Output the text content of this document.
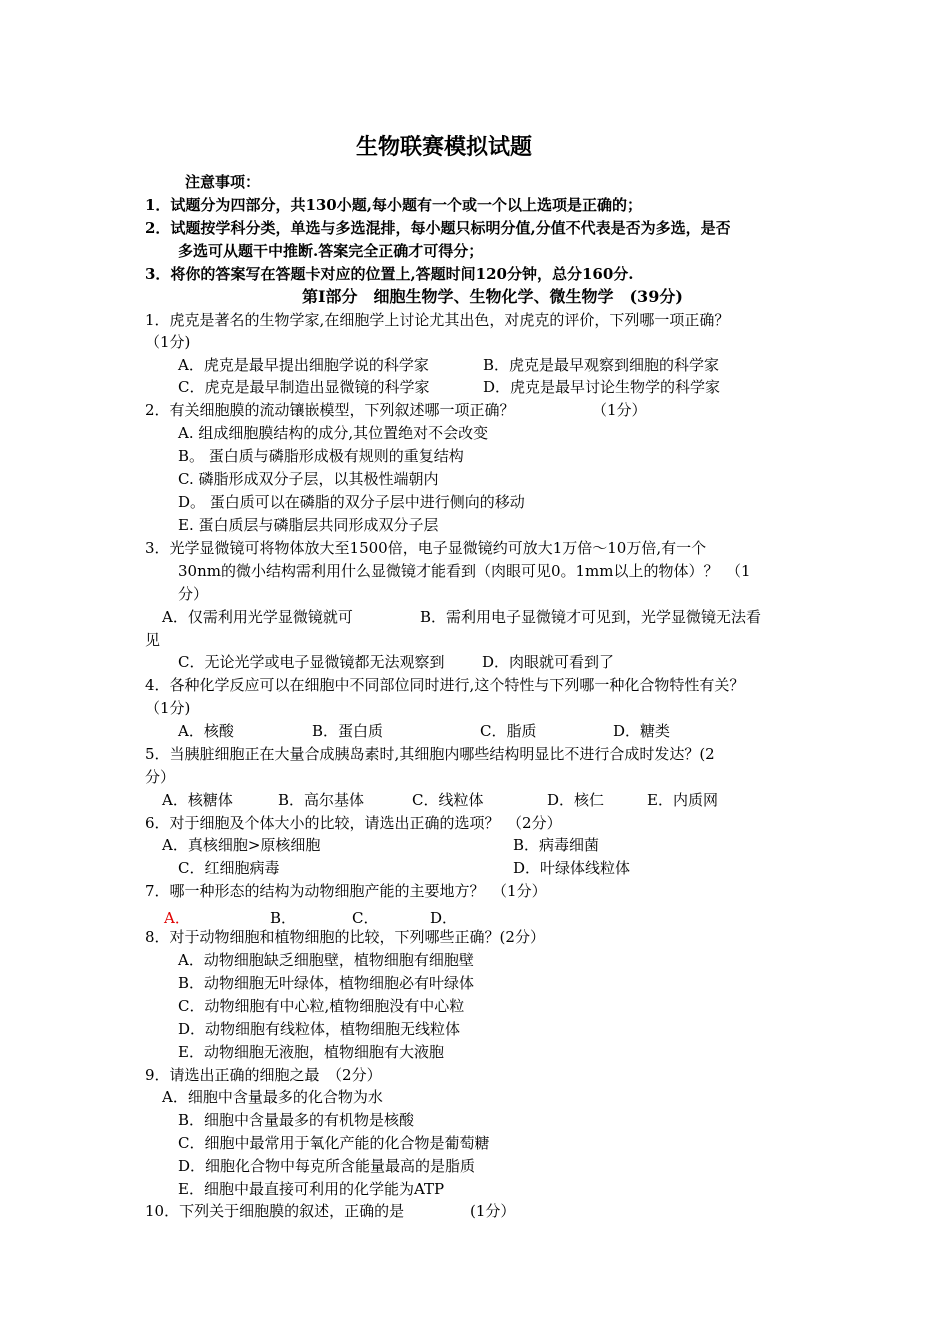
生物联赛模拟试题
注意事项：
1．试题分为四部分，共130小题,每小题有一个或一个以上选项是正确的；
2．试题按学科分类，单选与多选混排，每小题只标明分值,分值不代表是否为多选，是否
多选可从题干中推断.答案完全正确才可得分；
3．将你的答案写在答题卡对应的位置上,答题时间120分钟，总分160分.
第Ⅰ部分　细胞生物学、生物化学、微生物学　(39分)
1．虎克是著名的生物学家,在细胞学上讨论尤其出色，对虎克的评价，下列哪一项正确？
（1分)
A．虎克是最早提出细胞学说的科学家	B．虎克是最早观察到细胞的科学家
C．虎克是最早制造出显微镜的科学家	D．虎克是最早讨论生物学的科学家
2．有关细胞膜的流动镶嵌模型，下列叙述哪一项正确？	（1分）
A. 组成细胞膜结构的成分,其位置绝对不会改变
B。 蛋白质与磷脂形成极有规则的重复结构
C. 磷脂形成双分子层，以其极性端朝内
D。 蛋白质可以在磷脂的双分子层中进行侧向的移动
E. 蛋白质层与磷脂层共同形成双分子层
3．光学显微镜可将物体放大至1500倍，电子显微镜约可放大1万倍～10万倍,有一个
30nm的微小结构需利用什么显微镜才能看到（肉眼可见0。1mm以上的物体）？　（1
分）
A．仅需利用光学显微镜就可	B．需利用电子显微镜才可见到，光学显微镜无法看
见
C．无论光学或电子显微镜都无法观察到	D．肉眼就可看到了
4．各种化学反应可以在细胞中不同部位同时进行,这个特性与下列哪一种化合物特性有关？
（1分)
A．核酸	B．蛋白质	C．脂质	D．糖类
5．当胰脏细胞正在大量合成胰岛素时,其细胞内哪些结构明显比不进行合成时发达？(2
分）
A．核糖体	B．高尔基体	C．线粒体	D．核仁	E．内质网
6．对于细胞及个体大小的比较，请选出正确的选项？　（2分）
A．真核细胞>原核细胞	B．病毒细菌
C．红细胞病毒	D．叶绿体线粒体
7．哪一种形态的结构为动物细胞产能的主要地方？　（1分）
A．	B．	C．	D．
8．对于动物细胞和植物细胞的比较，下列哪些正确？(2分）
A．动物细胞缺乏细胞壁，植物细胞有细胞壁
B．动物细胞无叶绿体，植物细胞必有叶绿体
C．动物细胞有中心粒,植物细胞没有中心粒
D．动物细胞有线粒体，植物细胞无线粒体
E．动物细胞无液胞，植物细胞有大液胞
9．请选出正确的细胞之最　（2分）
A．细胞中含量最多的化合物为水
B．细胞中含量最多的有机物是核酸
C．细胞中最常用于氧化产能的化合物是葡萄糖
D．细胞化合物中每克所含能量最高的是脂质
E．细胞中最直接可利用的化学能为ATP
10．下列关于细胞膜的叙述，正确的是	(1分）
